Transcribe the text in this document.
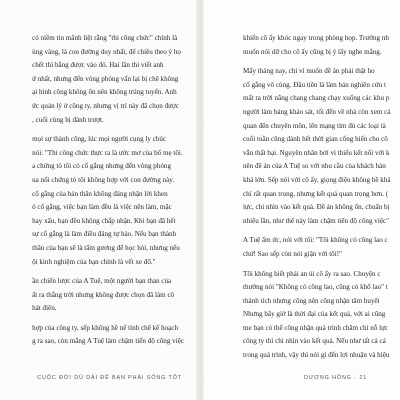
có niềm tin mãnh liệt rằng "thi công chức" chính là
ủng vàng, là con đường duy nhất, để chiều theo ý họ
chết thi bằng được vào đó. Hai lần thi viết anh
ứ nhất, nhưng đến vòng phỏng vấn lại bị chê không
ại hình công không ổn nên không trúng tuyển. Anh
ức quản lý ở công ty, nhưng vị trí này đã chọn được
, cuối cùng bị đánh trượt.
mọi sự thành công, lúc mọi người cụng ly chúc
nói: "Thi công chức thực ra là ước mơ của bố mẹ tôi.
a chứng tỏ tôi có cố gắng nhưng đến vòng phỏng
ua nổi chứng tỏ tôi không hợp với con đường này.
cố gắng của bản thân không đáng nhận lời khen
ó cố gắng, việc bạn làm đều là việc nên làm, mặc
hay xấu, bạn đều không chấp nhận. Khi bạn đã hết
sự cố gắng là làm điều đáng tự hào. Nếu bạn thành
thân của bạn sẽ là tấm gương để học hỏi, nhưng nếu
ội kinh nghiệm của bạn chính là vết xe đổ."
ần chiến lược của A Tuệ, một người bạn than của
ất ra thắng trời nhưng không được chọn đã làm cô
hát điên.
hợp của công ty, sếp không hề nể tình chế kế hoạch
g ra sao, còn mắng A Tuệ làm chậm tiến độ công việc
CUỘC ĐỜI DÙ DÀI ĐẾ BẠN PHẢI SỐNG TỐT
khiến cô ấy khóc ngay trong phòng họp. Trưởng nh
muốn nói dữ cho cô ấy cũng bị ý lấy nghe mắng.
Mấy tháng nay, chỉ vì muốn đề án phải thật ho
cố gắng vô cùng. Đầu tiên là làm bản nghiên cứu t
mất ra trời nắng chang chang chạy xuống các khu p
người làm bảng khảo sát, tối đến về nhà còn xem cá
quan đến chuyên môn, lên mạng tìm đủ các loại tà
cuối tuần cũng dành hết thời gian cống hiến cho cô
vẫn thất bại. Nguyên nhân bởi vì thiếu kết nối với k
nên đề án của A Tuệ so với nhu cầu của khách hàn
khá lớn. Sếp nói với cô ấy, giọng điệu không hề khá
chỉ rất quan trọng, nhưng kết quả quan trọng hơn. (
lực, chỉ nhìn vào kết quả. Đề án không ổn, chuẩn bị
nhiêu lần, như thế này làm chậm tiến độ công việc"
A Tuệ ấm ức, nói với tôi: "Tôi không có công lao c
chứ! Sao sếp còn nói giận với tôi!"
Tôi không biết phải an ủi cô ấy ra sao. Chuyện c
thường nói "Không có công lao, cũng có khổ lao" t
thành tích nhưng công nên công nhận tâm huyết
Nhưng bây giờ là thời đại của kết quả, với ai cũng
me bạn có thể công nhận quá trình chăm chỉ nỗ lực
công ty thì chỉ nhìn vào kết quả. Nếu như tất cả cá
trong quá trình, vậy thì nói gì đến lợi nhuận và hiệu
DƯƠNG HỒNG · 21
